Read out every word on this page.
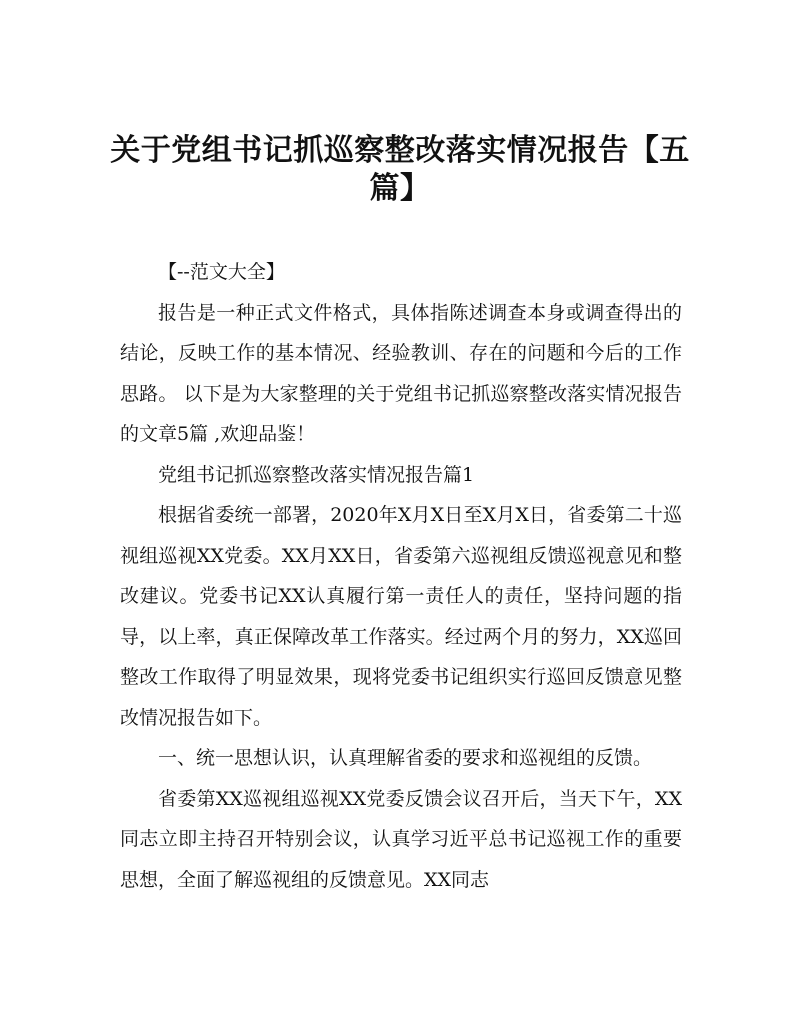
关于党组书记抓巡察整改落实情况报告【五篇】

【--范文大全】

报告是一种正式文件格式，具体指陈述调查本身或调查得出的结论，反映工作的基本情况、经验教训、存在的问题和今后的工作思路。 以下是为大家整理的关于党组书记抓巡察整改落实情况报告的文章5篇 ,欢迎品鉴！

党组书记抓巡察整改落实情况报告篇1

根据省委统一部署，2020年X月X日至X月X日，省委第二十巡视组巡视XX党委。XX月XX日，省委第六巡视组反馈巡视意见和整改建议。党委书记XX认真履行第一责任人的责任，坚持问题的指导，以上率，真正保障改革工作落实。经过两个月的努力，XX巡回整改工作取得了明显效果，现将党委书记组织实行巡回反馈意见整改情况报告如下。

一、统一思想认识，认真理解省委的要求和巡视组的反馈。

省委第XX巡视组巡视XX党委反馈会议召开后，当天下午，XX同志立即主持召开特别会议，认真学习近平总书记巡视工作的重要思想，全面了解巡视组的反馈意见。XX同志
